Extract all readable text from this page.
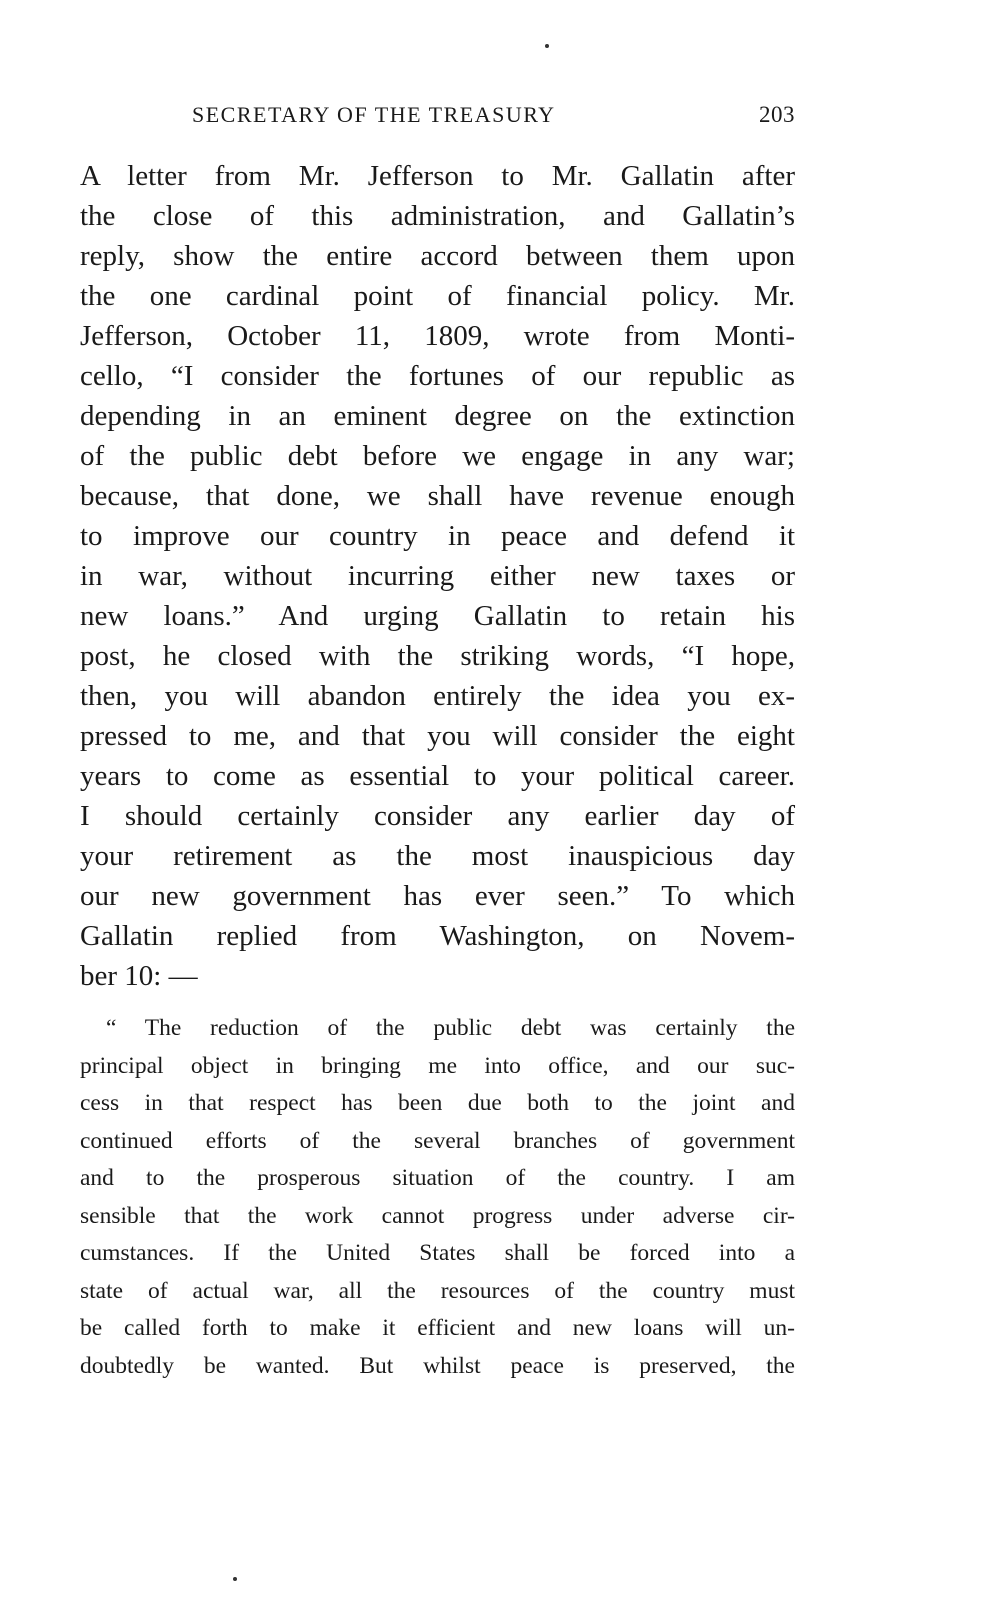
SECRETARY OF THE TREASURY	203
A letter from Mr. Jefferson to Mr. Gallatin after
the close of this administration, and Gallatin’s
reply, show the entire accord between them upon
the one cardinal point of financial policy. Mr.
Jefferson, October 11, 1809, wrote from Monti-
cello, “I consider the fortunes of our republic as
depending in an eminent degree on the extinction
of the public debt before we engage in any war;
because, that done, we shall have revenue enough
to improve our country in peace and defend it
in war, without incurring either new taxes or
new loans.” And urging Gallatin to retain his
post, he closed with the striking words, “I hope,
then, you will abandon entirely the idea you ex-
pressed to me, and that you will consider the eight
years to come as essential to your political career.
I should certainly consider any earlier day of
your retirement as the most inauspicious day
our new government has ever seen.” To which
Gallatin replied from Washington, on Novem-
ber 10: —
“ The reduction of the public debt was certainly the
principal object in bringing me into office, and our suc-
cess in that respect has been due both to the joint and
continued efforts of the several branches of government
and to the prosperous situation of the country. I am
sensible that the work cannot progress under adverse cir-
cumstances. If the United States shall be forced into a
state of actual war, all the resources of the country must
be called forth to make it efficient and new loans will un-
doubtedly be wanted. But whilst peace is preserved, the
